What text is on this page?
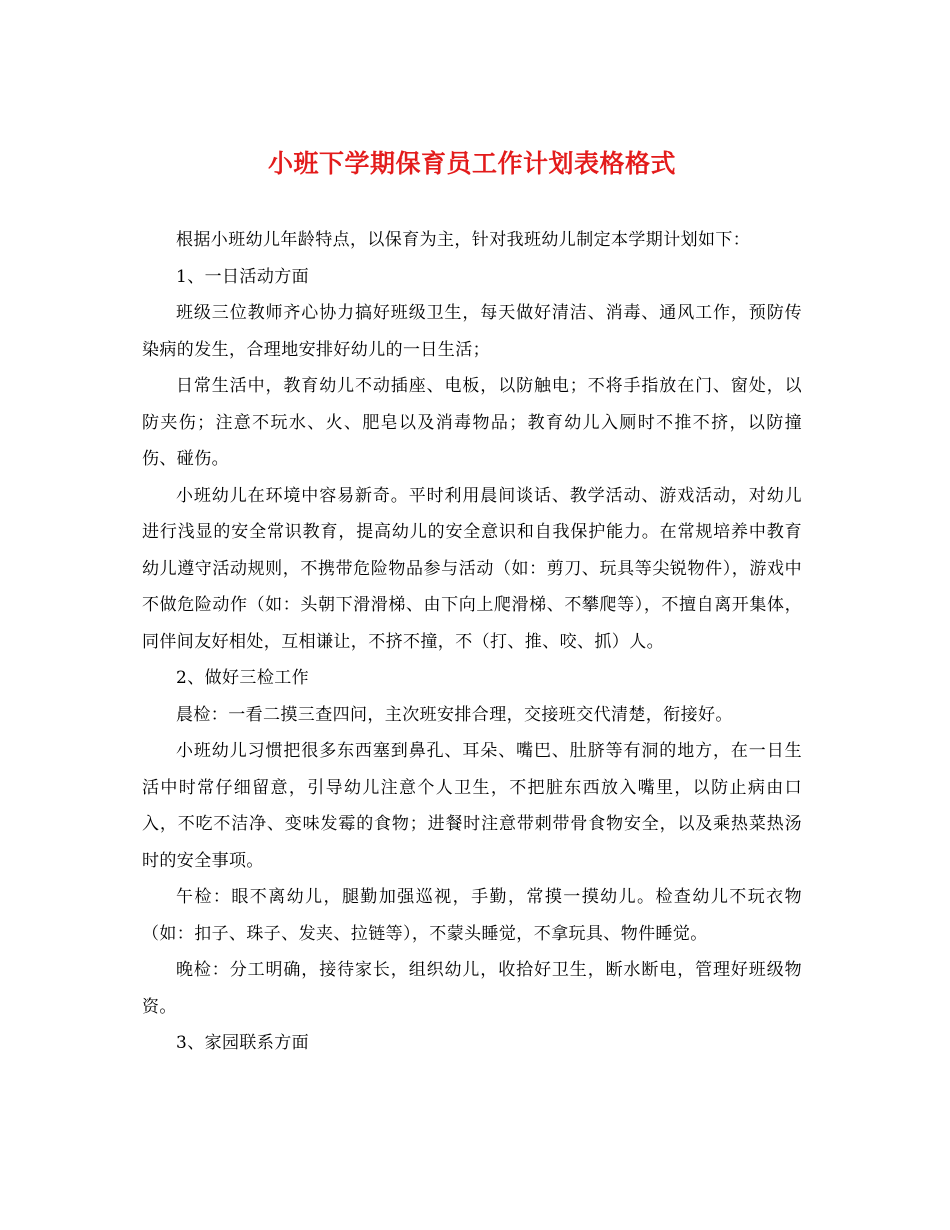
小班下学期保育员工作计划表格格式

根据小班幼儿年龄特点，以保育为主，针对我班幼儿制定本学期计划如下：

1、一日活动方面

班级三位教师齐心协力搞好班级卫生，每天做好清洁、消毒、通风工作，预防传染病的发生，合理地安排好幼儿的一日生活；

日常生活中，教育幼儿不动插座、电板，以防触电；不将手指放在门、窗处，以防夹伤；注意不玩水、火、肥皂以及消毒物品；教育幼儿入厕时不推不挤，以防撞伤、碰伤。

小班幼儿在环境中容易新奇。平时利用晨间谈话、教学活动、游戏活动，对幼儿进行浅显的安全常识教育，提高幼儿的安全意识和自我保护能力。在常规培养中教育幼儿遵守活动规则，不携带危险物品参与活动（如：剪刀、玩具等尖锐物件），游戏中不做危险动作（如：头朝下滑滑梯、由下向上爬滑梯、不攀爬等），不擅自离开集体，同伴间友好相处，互相谦让，不挤不撞，不（打、推、咬、抓）人。

2、做好三检工作

晨检：一看二摸三查四问，主次班安排合理，交接班交代清楚，衔接好。

小班幼儿习惯把很多东西塞到鼻孔、耳朵、嘴巴、肚脐等有洞的地方，在一日生活中时常仔细留意，引导幼儿注意个人卫生，不把脏东西放入嘴里，以防止病由口入，不吃不洁净、变味发霉的食物；进餐时注意带刺带骨食物安全，以及乘热菜热汤时的安全事项。

午检：眼不离幼儿，腿勤加强巡视，手勤，常摸一摸幼儿。检查幼儿不玩衣物（如：扣子、珠子、发夹、拉链等），不蒙头睡觉，不拿玩具、物件睡觉。

晚检：分工明确，接待家长，组织幼儿，收拾好卫生，断水断电，管理好班级物资。

3、家园联系方面
